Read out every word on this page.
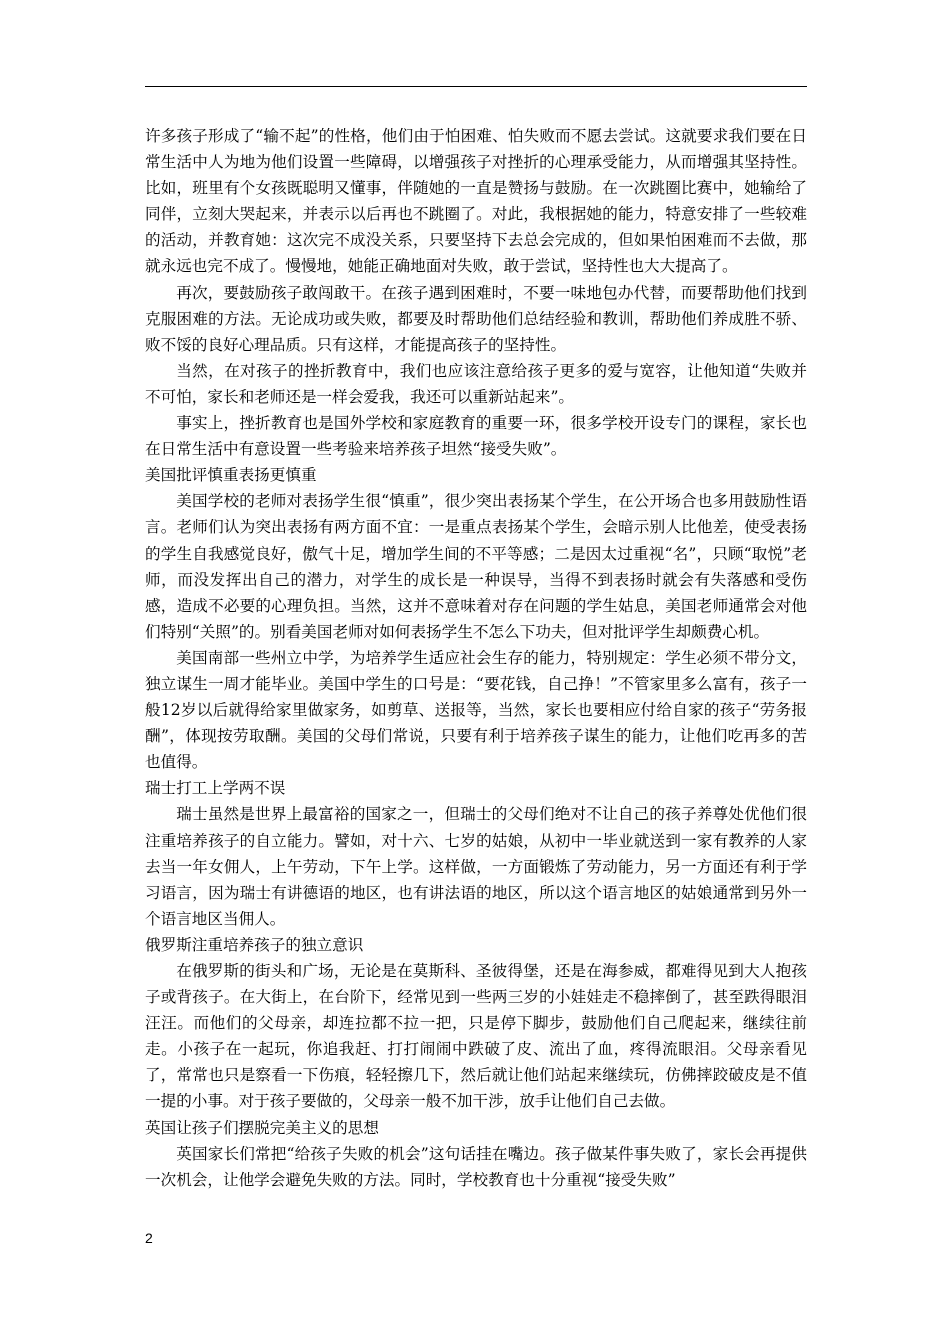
许多孩子形成了“输不起”的性格，他们由于怕困难、怕失败而不愿去尝试。这就要求我们要在日常生活中人为地为他们设置一些障碍，以增强孩子对挫折的心理承受能力，从而增强其坚持性。比如，班里有个女孩既聪明又懂事，伴随她的一直是赞扬与鼓励。在一次跳圈比赛中，她输给了同伴，立刻大哭起来，并表示以后再也不跳圈了。对此，我根据她的能力，特意安排了一些较难的活动，并教育她：这次完不成没关系，只要坚持下去总会完成的，但如果怕困难而不去做，那就永远也完不成了。慢慢地，她能正确地面对失败，敢于尝试，坚持性也大大提高了。

再次，要鼓励孩子敢闯敢干。在孩子遇到困难时，不要一味地包办代替，而要帮助他们找到克服困难的方法。无论成功或失败，都要及时帮助他们总结经验和教训，帮助他们养成胜不骄、败不馁的良好心理品质。只有这样，才能提高孩子的坚持性。

当然，在对孩子的挫折教育中，我们也应该注意给孩子更多的爱与宽容，让他知道“失败并不可怕，家长和老师还是一样会爱我，我还可以重新站起来”。

事实上，挫折教育也是国外学校和家庭教育的重要一环，很多学校开设专门的课程，家长也在日常生活中有意设置一些考验来培养孩子坦然“接受失败”。

美国批评慎重表扬更慎重

美国学校的老师对表扬学生很“慎重”，很少突出表扬某个学生，在公开场合也多用鼓励性语言。老师们认为突出表扬有两方面不宜：一是重点表扬某个学生，会暗示别人比他差，使受表扬的学生自我感觉良好，傲气十足，增加学生间的不平等感；二是因太过重视“名”，只顾“取悦”老师，而没发挥出自己的潜力，对学生的成长是一种误导，当得不到表扬时就会有失落感和受伤感，造成不必要的心理负担。当然，这并不意味着对存在问题的学生姑息，美国老师通常会对他们特别“关照”的。别看美国老师对如何表扬学生不怎么下功夫，但对批评学生却颇费心机。

美国南部一些州立中学，为培养学生适应社会生存的能力，特别规定：学生必须不带分文，独立谋生一周才能毕业。美国中学生的口号是：“要花钱，自己挣！”不管家里多么富有，孩子一般12岁以后就得给家里做家务，如剪草、送报等，当然，家长也要相应付给自家的孩子“劳务报酬”，体现按劳取酬。美国的父母们常说，只要有利于培养孩子谋生的能力，让他们吃再多的苦也值得。

瑞士打工上学两不误

瑞士虽然是世界上最富裕的国家之一，但瑞士的父母们绝对不让自己的孩子养尊处优他们很注重培养孩子的自立能力。譬如，对十六、七岁的姑娘，从初中一毕业就送到一家有教养的人家去当一年女佣人，上午劳动，下午上学。这样做，一方面锻炼了劳动能力，另一方面还有利于学习语言，因为瑞士有讲德语的地区，也有讲法语的地区，所以这个语言地区的姑娘通常到另外一个语言地区当佣人。

俄罗斯注重培养孩子的独立意识

在俄罗斯的街头和广场，无论是在莫斯科、圣彼得堡，还是在海参威，都难得见到大人抱孩子或背孩子。在大街上，在台阶下，经常见到一些两三岁的小娃娃走不稳摔倒了，甚至跌得眼泪汪汪。而他们的父母亲，却连拉都不拉一把，只是停下脚步，鼓励他们自己爬起来，继续往前走。小孩子在一起玩，你追我赶、打打闹闹中跌破了皮、流出了血，疼得流眼泪。父母亲看见了，常常也只是察看一下伤痕，轻轻擦几下，然后就让他们站起来继续玩，仿佛摔跤破皮是不值一提的小事。对于孩子要做的，父母亲一般不加干涉，放手让他们自己去做。

英国让孩子们摆脱完美主义的思想

英国家长们常把“给孩子失败的机会”这句话挂在嘴边。孩子做某件事失败了，家长会再提供一次机会，让他学会避免失败的方法。同时，学校教育也十分重视“接受失败”

2
